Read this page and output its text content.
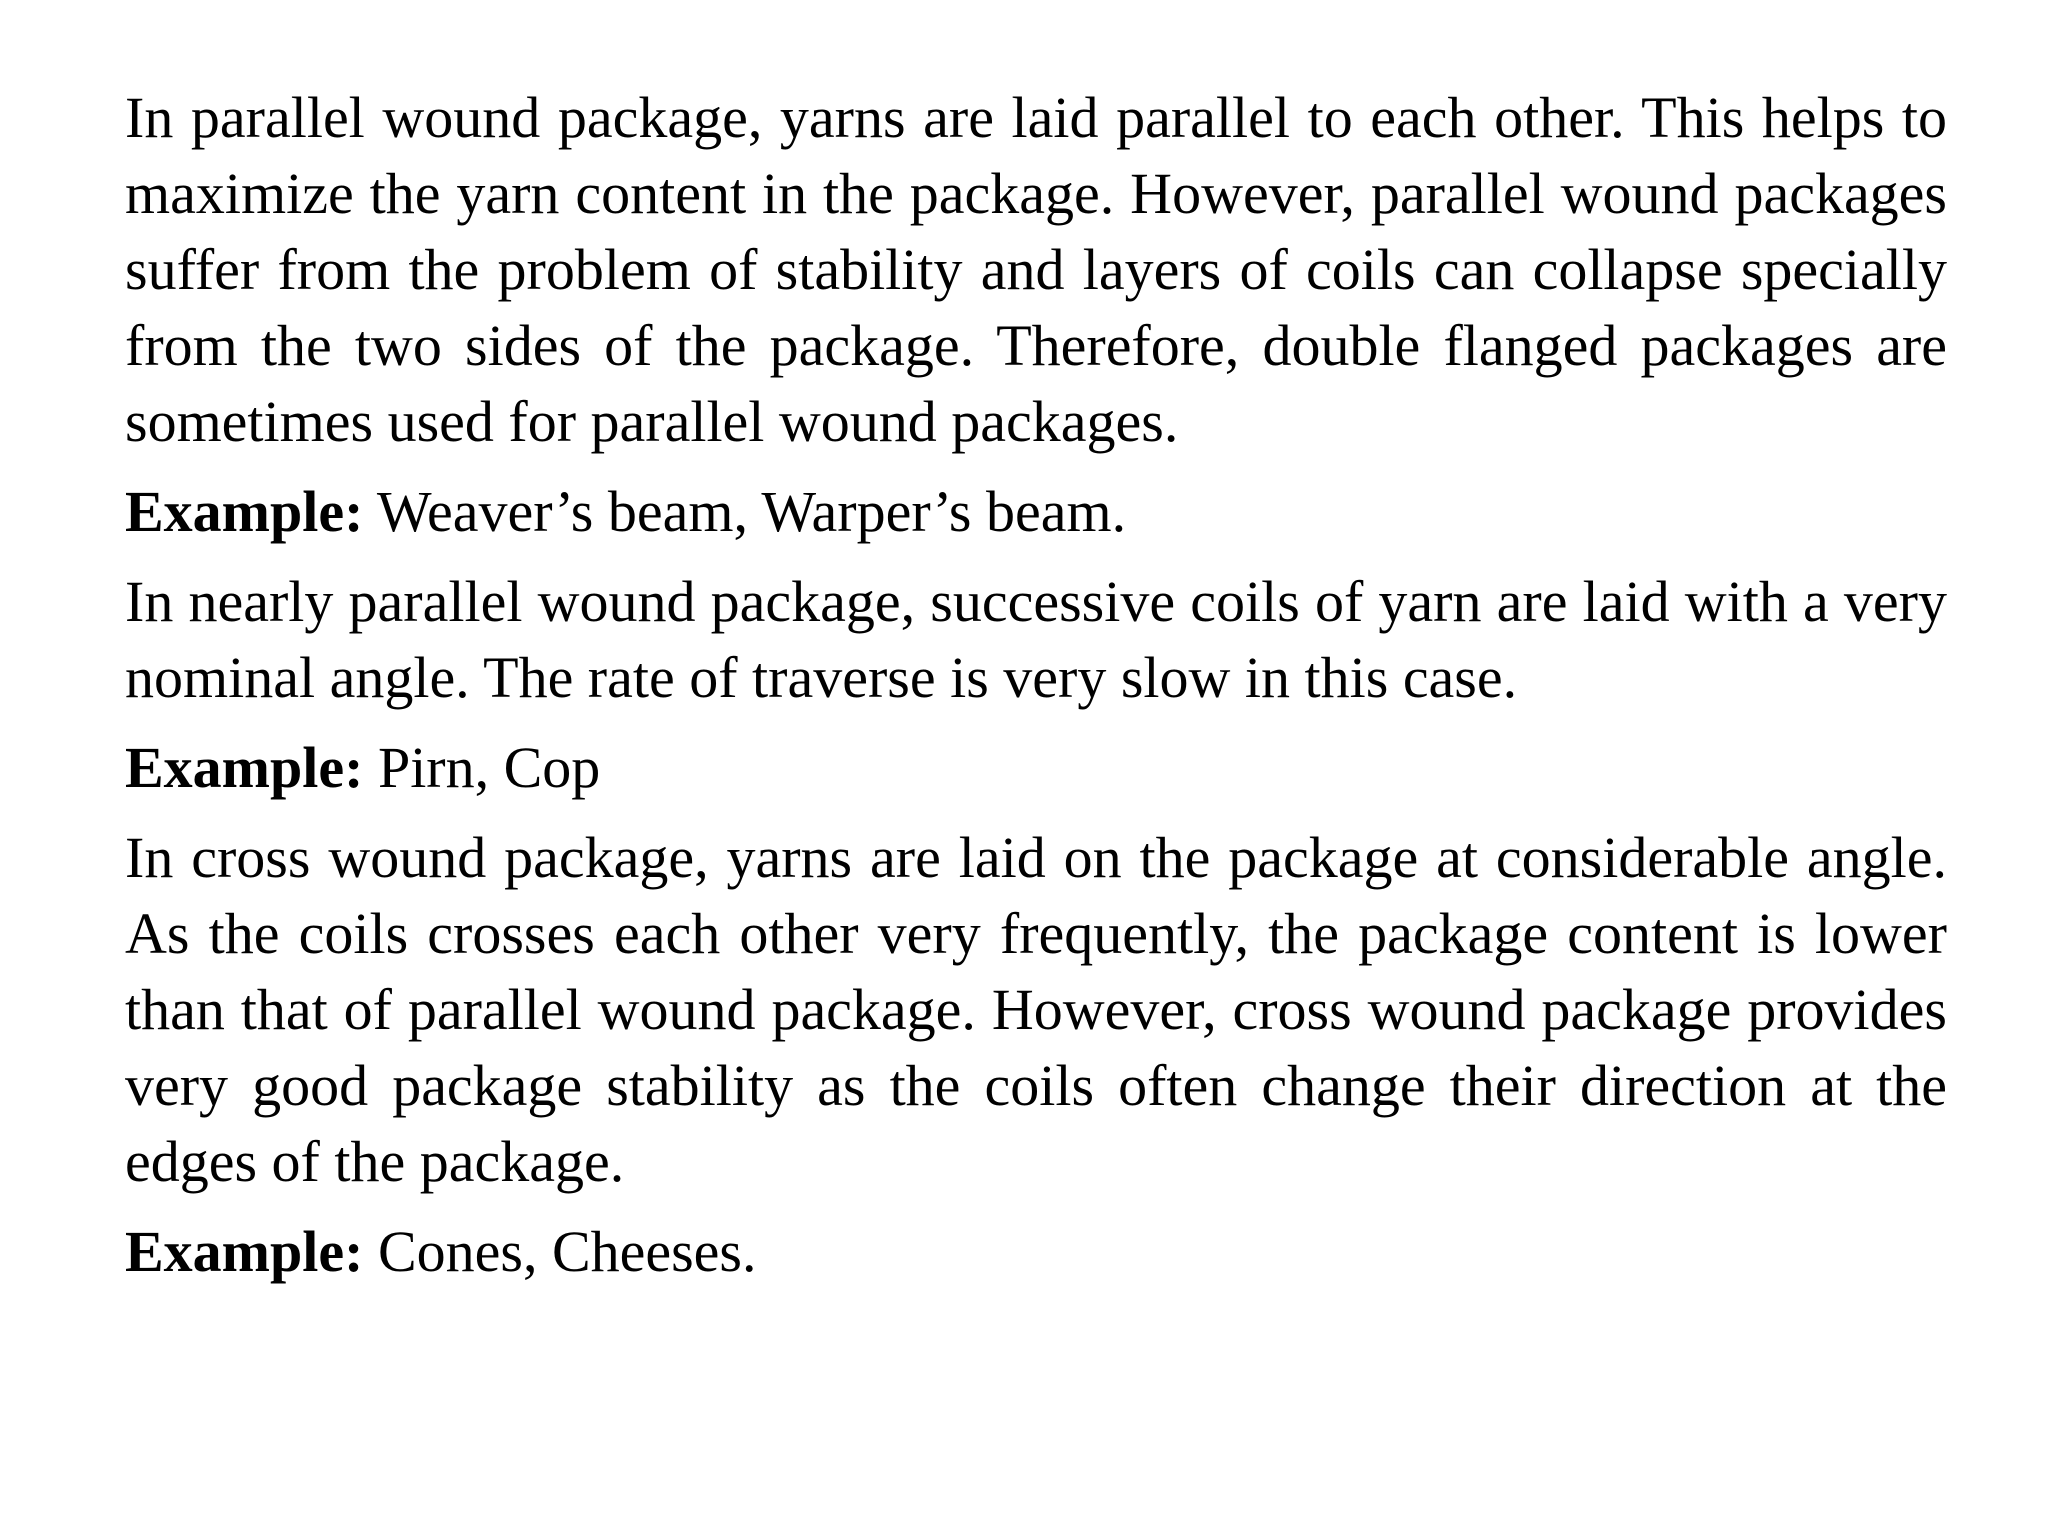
In parallel wound package, yarns are laid parallel to each other. This helps to maximize the yarn content in the package. However, parallel wound packages suffer from the problem of stability and layers of coils can collapse specially from the two sides of the package. Therefore, double flanged packages are sometimes used for parallel wound packages.

Example: Weaver’s beam, Warper’s beam.

In nearly parallel wound package, successive coils of yarn are laid with a very nominal angle. The rate of traverse is very slow in this case.

Example: Pirn, Cop

In cross wound package, yarns are laid on the package at considerable angle. As the coils crosses each other very frequently, the package content is lower than that of parallel wound package. However, cross wound package provides very good package stability as the coils often change their direction at the edges of the package.

Example: Cones, Cheeses.
